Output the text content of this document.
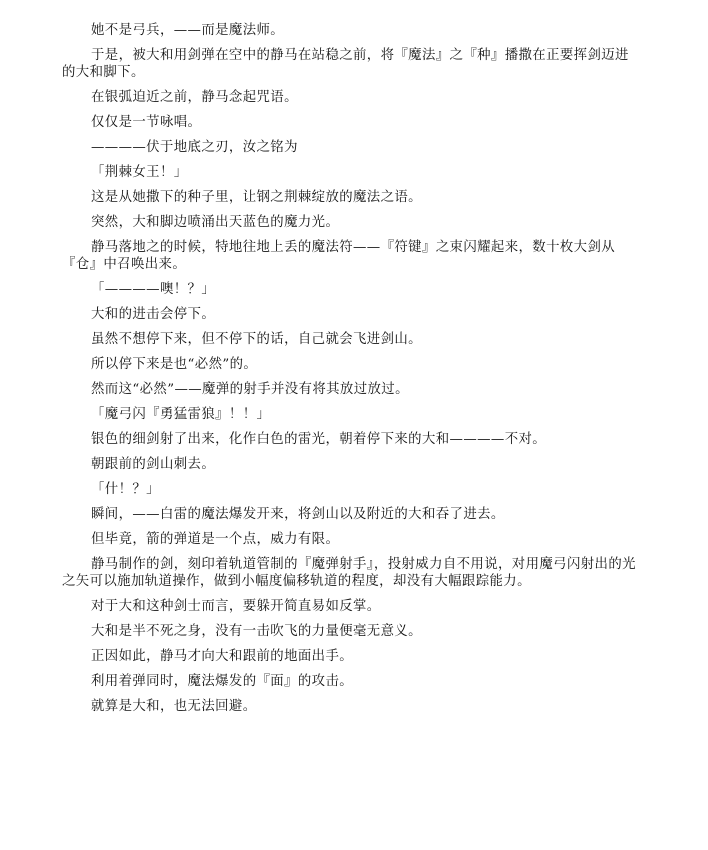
她不是弓兵，——而是魔法师。

于是，被大和用剑弹在空中的静马在站稳之前，将『魔法』之『种』播撒在正要挥剑迈进的大和脚下。

在银弧迫近之前，静马念起咒语。

仅仅是一节咏唱。

————伏于地底之刃，汝之铭为

「荆棘女王！」

这是从她撒下的种子里，让钢之荆棘绽放的魔法之语。

突然，大和脚边喷涌出天蓝色的魔力光。

静马落地之的时候，特地往地上丢的魔法符——『符键』之束闪耀起来，数十枚大剑从『仓』中召唤出来。

「————噢！？」

大和的进击会停下。

虽然不想停下来，但不停下的话，自己就会飞进剑山。

所以停下来是也“必然”的。

然而这“必然”——魔弹的射手并没有将其放过放过。

「魔弓闪『勇猛雷狼』！！」

银色的细剑射了出来，化作白色的雷光，朝着停下来的大和————不对。

朝跟前的剑山刺去。

「什！？」

瞬间，——白雷的魔法爆发开来，将剑山以及附近的大和吞了进去。

但毕竟，箭的弹道是一个点，威力有限。

静马制作的剑，刻印着轨道管制的『魔弹射手』，投射威力自不用说，对用魔弓闪射出的光之矢可以施加轨道操作，做到小幅度偏移轨道的程度，却没有大幅跟踪能力。

对于大和这种剑士而言，要躲开简直易如反掌。

大和是半不死之身，没有一击吹飞的力量便毫无意义。

正因如此，静马才向大和跟前的地面出手。

利用着弹同时，魔法爆发的『面』的攻击。

就算是大和，也无法回避。
